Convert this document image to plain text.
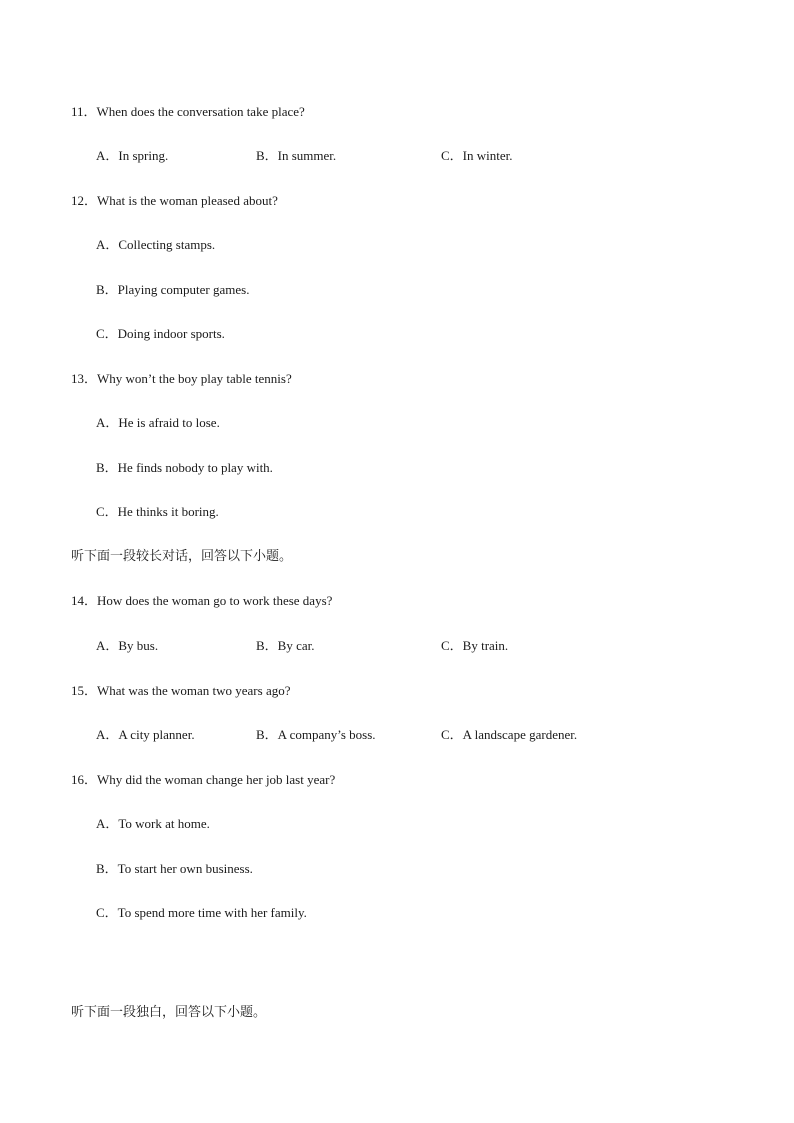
11．When does the conversation take place?
A．In spring.	B．In summer.	C．In winter.
12．What is the woman pleased about?
A．Collecting stamps.
B．Playing computer games.
C．Doing indoor sports.
13．Why won’t the boy play table tennis?
A．He is afraid to lose.
B．He finds nobody to play with.
C．He thinks it boring.
听下面一段较长对话，回答以下小题。
14．How does the woman go to work these days?
A．By bus.	B．By car.	C．By train.
15．What was the woman two years ago?
A．A city planner.	B．A company’s boss.	C．A landscape gardener.
16．Why did the woman change her job last year?
A．To work at home.
B．To start her own business.
C．To spend more time with her family.
听下面一段独白，回答以下小题。
